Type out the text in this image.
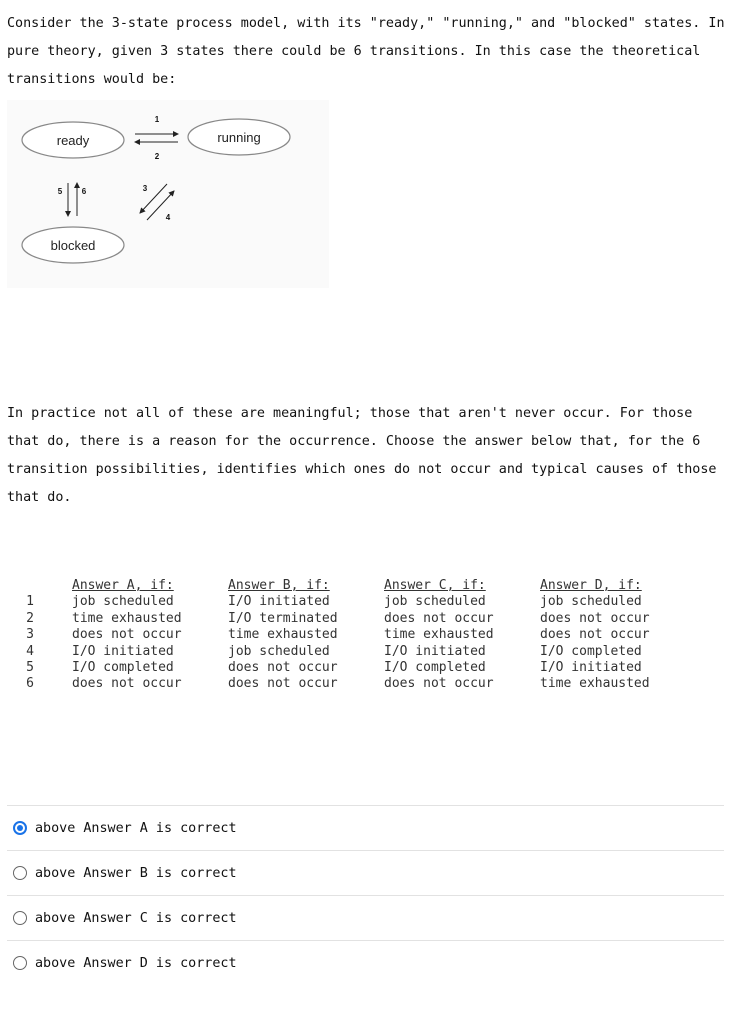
Consider the 3-state process model, with its "ready," "running," and "blocked" states. In pure theory, given 3 states there could be 6 transitions. In this case the theoretical transitions would be:

ready	running
blocked
1
2
5 6	3
4

In practice not all of these are meaningful; those that aren't never occur. For those that do, there is a reason for the occurrence. Choose the answer below that, for the 6 transition possibilities, identifies which ones do not occur and typical causes of those that do.

1
2
3
4
5
6
Answer A, if:
job scheduled
time exhausted
does not occur
I/O initiated
I/O completed
does not occur
Answer B, if:
I/O initiated
I/O terminated
time exhausted
job scheduled
does not occur
does not occur
Answer C, if:
job scheduled
does not occur
time exhausted
I/O initiated
I/O completed
does not occur
Answer D, if:
job scheduled
does not occur
does not occur
I/O completed
I/O initiated
time exhausted
above Answer A is correct
above Answer B is correct
above Answer C is correct
above Answer D is correct
